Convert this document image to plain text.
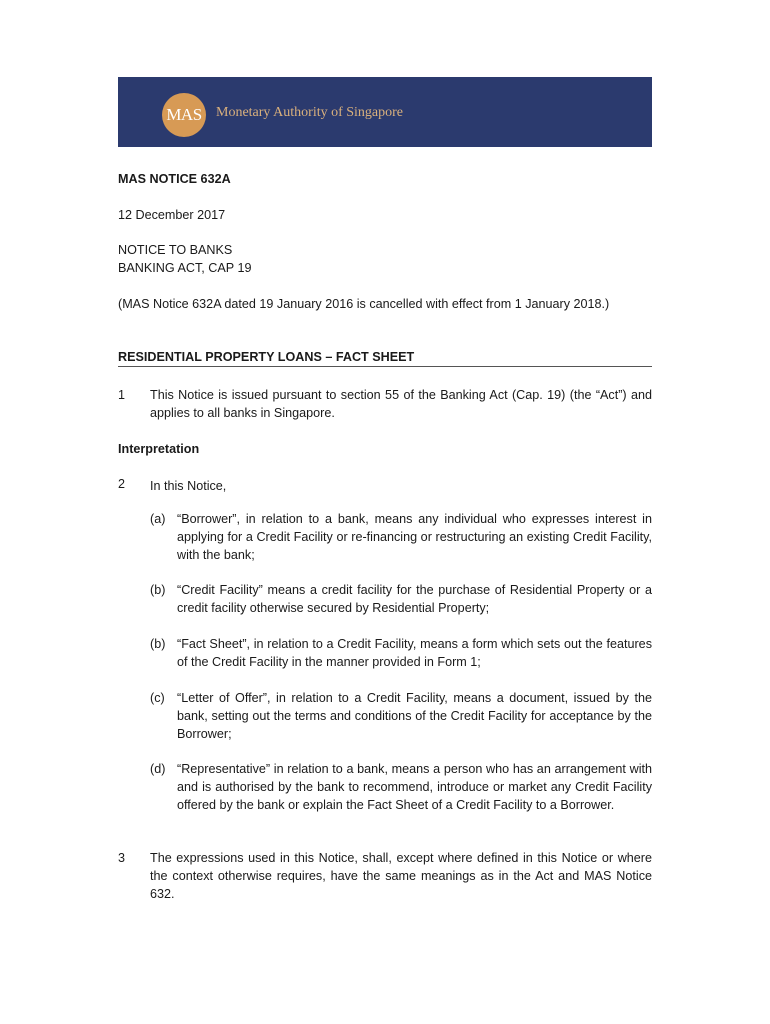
MAS	Monetary Authority of Singapore
MAS NOTICE 632A
12 December 2017
NOTICE TO BANKS
BANKING ACT, CAP 19
(MAS Notice 632A dated 19 January 2016 is cancelled with effect from 1 January 2018.)
RESIDENTIAL PROPERTY LOANS – FACT SHEET
1 This Notice is issued pursuant to section 55 of the Banking Act (Cap. 19) (the “Act”) and applies to all banks in Singapore.
Interpretation
2 In this Notice,
(a) “Borrower”, in relation to a bank, means any individual who expresses interest in applying for a Credit Facility or re-financing or restructuring an existing Credit Facility, with the bank;
(b) “Credit Facility” means a credit facility for the purchase of Residential Property or a credit facility otherwise secured by Residential Property;
(b) “Fact Sheet”, in relation to a Credit Facility, means a form which sets out the features of the Credit Facility in the manner provided in Form 1;
(c) “Letter of Offer”, in relation to a Credit Facility, means a document, issued by the bank, setting out the terms and conditions of the Credit Facility for acceptance by the Borrower;
(d) “Representative” in relation to a bank, means a person who has an arrangement with and is authorised by the bank to recommend, introduce or market any Credit Facility offered by the bank or explain the Fact Sheet of a Credit Facility to a Borrower.
3 The expressions used in this Notice, shall, except where defined in this Notice or where the context otherwise requires, have the same meanings as in the Act and MAS Notice 632.
